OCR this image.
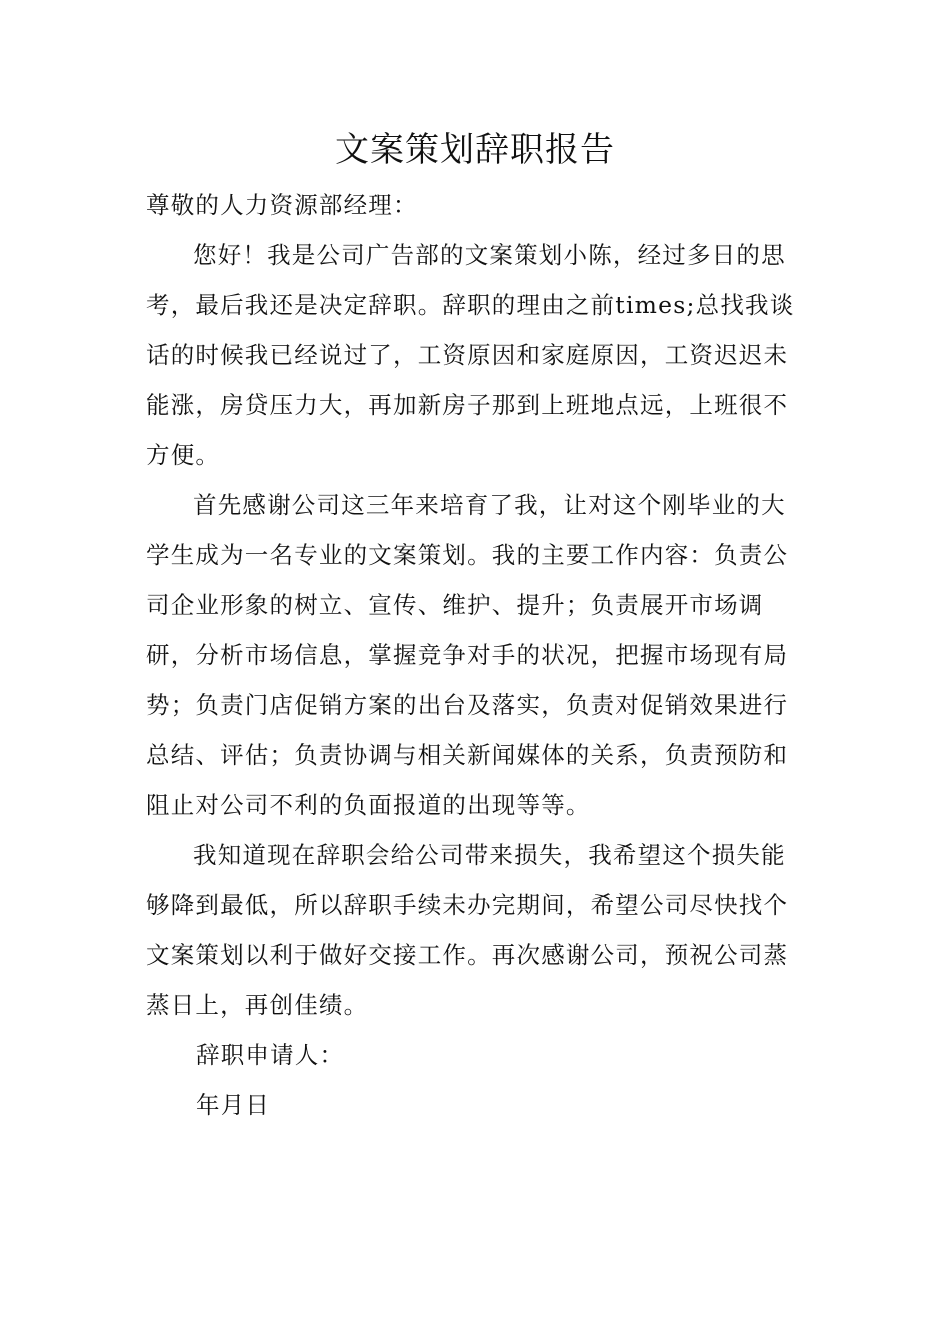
文案策划辞职报告

尊敬的人力资源部经理：

您好！我是公司广告部的文案策划小陈，经过多日的思考，最后我还是决定辞职。辞职的理由之前times;总找我谈话的时候我已经说过了，工资原因和家庭原因，工资迟迟未能涨，房贷压力大，再加新房子那到上班地点远，上班很不方便。

首先感谢公司这三年来培育了我，让对这个刚毕业的大学生成为一名专业的文案策划。我的主要工作内容：负责公司企业形象的树立、宣传、维护、提升；负责展开市场调研，分析市场信息，掌握竞争对手的状况，把握市场现有局势；负责门店促销方案的出台及落实，负责对促销效果进行总结、评估；负责协调与相关新闻媒体的关系，负责预防和阻止对公司不利的负面报道的出现等等。

我知道现在辞职会给公司带来损失，我希望这个损失能够降到最低，所以辞职手续未办完期间，希望公司尽快找个文案策划以利于做好交接工作。再次感谢公司，预祝公司蒸蒸日上，再创佳绩。

辞职申请人：

年月日
